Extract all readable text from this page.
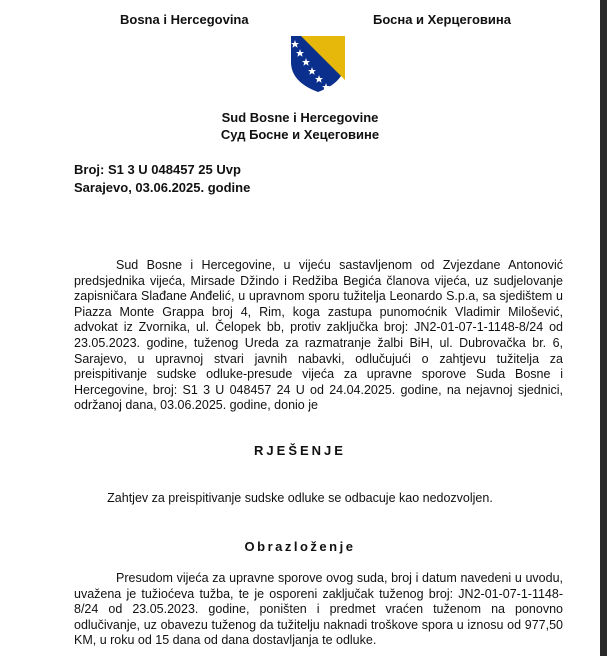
Bosna i Hercegovina	Босна и Херцеговина
Sud Bosne i Hercegovine
Суд Босне и Хецеговине
Broj: S1 3 U 048457 25 Uvp
Sarajevo, 03.06.2025. godine
Sud Bosne i Hercegovine, u vijeću sastavljenom od Zvjezdane Antonović predsjednika vijeća, Mirsade Džindo i Redžiba Begića članova vijeća, uz sudjelovanje zapisničara Slađane Anđelić, u upravnom sporu tužitelja Leonardo S.p.a, sa sjedištem u Piazza Monte Grappa broj 4, Rim, koga zastupa punomoćnik Vladimir Milošević, advokat iz Zvornika, ul. Čelopek bb, protiv zaključka broj: JN2-01-07-1-1148-8/24 od 23.05.2023. godine, tuženog Ureda za razmatranje žalbi BiH, ul. Dubrovačka br. 6, Sarajevo, u upravnoj stvari javnih nabavki, odlučujući o zahtjevu tužitelja za preispitivanje sudske odluke-presude vijeća za upravne sporove Suda Bosne i Hercegovine, broj: S1 3 U 048457 24 U od 24.04.2025. godine, na nejavnoj sjednici, održanoj dana, 03.06.2025. godine, donio je
RJEŠENJE
Zahtjev za preispitivanje sudske odluke se odbacuje kao nedozvoljen.
Obrazloženje
Presudom vijeća za upravne sporove ovog suda, broj i datum navedeni u uvodu, uvažena je tužioćeva tužba, te je osporeni zaključak tuženog broj: JN2-01-07-1-1148-8/24 od 23.05.2023. godine, poništen i predmet vraćen tuženom na ponovno odlučivanje, uz obavezu tuženog da tužitelju naknadi troškove spora u iznosu od 977,50 KM, u roku od 15 dana od dana dostavljanja te odluke.
